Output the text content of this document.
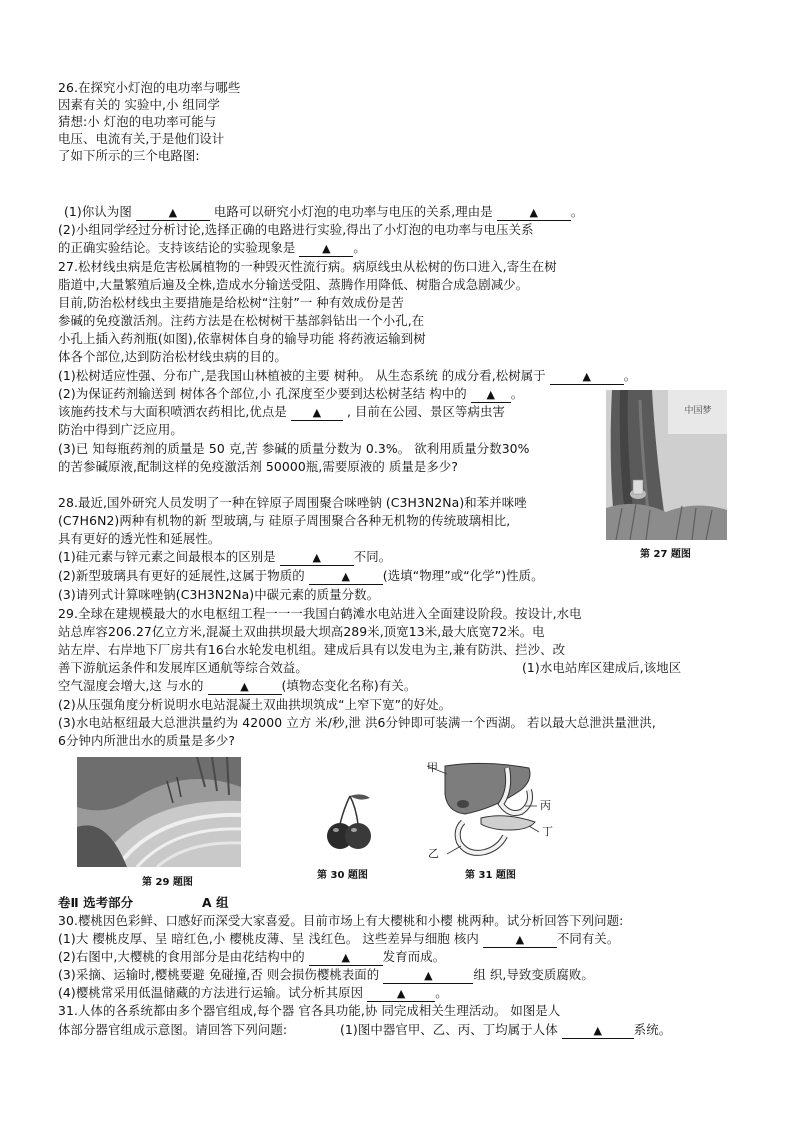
26.在探究小灯泡的电功率与哪些
因素有关的 实验中,小 组同学
猜想:小 灯泡的电功率可能与
电压、电流有关,于是他们设计
了如下所示的三个电路图:
(1)你认为图	▲	电路可以研究小灯泡的电功率与电压的关系,理由是	▲	。
(2)小组同学经过分析讨论,选择正确的电路进行实验,得出了小灯泡的电功率与电压关系
的正确实验结论。支持该结论的实验现象是 ▲ 。
27.松材线虫病是危害松属植物的一种毁灭性流行病。病原线虫从松树的伤口进入,寄生在树
脂道中,大量繁殖后遍及全株,造成水分输送受阻、蒸腾作用降低、树脂合成急剧减少。
目前,防治松材线虫主要措施是给松树“注射”一 种有效成份是苦
参碱的免疫激活剂。注药方法是在松树树干基部斜钻出一个小孔,在
小孔上插入药剂瓶(如图),依靠树体自身的输导功能 将药液运输到树
体各个部位,达到防治松材线虫病的目的。
(1)松树适应性强、分布广,是我国山林植被的主要 树种。 从生态系统 的成分看,松树属于	▲	。
(2)为保证药剂输送到 树体各个部位,小 孔深度至少要到达松树茎结 构中的 ▲ 。
该施药技术与大面积喷洒农药相比,优点是 ▲ , 目前在公园、景区等病虫害
防治中得到广泛应用。
(3)已 知每瓶药剂的质量是 50 克,苦 参碱的质量分数为 0.3%。 欲利用质量分数30%
的苦参碱原液,配制这样的免疫激活剂 50000瓶,需要原液的 质量是多少?
中国梦
第 27 题图
28.最近,国外研究人员发明了一种在锌原子周围聚合咪唑钠 (C3H3N2Na)和苯并咪唑
(C7H6N2)两种有机物的新 型玻璃,与 硅原子周围聚合各种无机物的传统玻璃相比,
具有更好的透光性和延展性。
(1)硅元素与锌元素之间最根本的区别是	▲	不同。
(2)新型玻璃具有更好的延展性,这属于物质的	▲	(选填“物理”或“化学”)性质。
(3)请列式计算咪唑钠(C3H3N2Na)中碳元素的质量分数。
29.全球在建规模最大的水电枢纽工程一一一我国白鹤滩水电站进入全面建设阶段。按设计,水电
站总库容206.27亿立方米,混凝土双曲拱坝最大坝高289米,顶宽13米,最大底宽72米。电
站左岸、右岸地下厂房共有16台水轮发电机组。建成后具有以发电为主,兼有防洪、拦沙、改
善下游航运条件和发展库区通航等综合效益。	(1)水电站库区建成后,该地区
空气湿度会增大,这 与水的	▲	(填物态变化名称)有关。
(2)从压强角度分析说明水电站混凝土双曲拱坝筑成“上窄下宽”的好处。
(3)水电站枢纽最大总泄洪量约为 42000 立方 米/秒,泄 洪6分钟即可装满一个西湖。 若以最大总泄洪量泄洪,
6分钟内所泄出水的质量是多少?
第 29 题图
第 30 题图
甲
丙
丁
乙
第 31 题图
卷Ⅱ 选考部分	A 组
30.樱桃因色彩鲜、口感好而深受大家喜爱。目前市场上有大樱桃和小樱 桃两种。试分析回答下列问题:
(1)大 樱桃皮厚、呈 暗红色,小 樱桃皮薄、呈 浅红色。 这些差异与细胞 核内	▲	不同有关。
(2)右图中,大樱桃的食用部分是由花结构中的	▲	发育而成。
(3)采摘、运输时,樱桃要避 免碰撞,否 则会损伤樱桃表面的	▲	组 织,导致变质腐败。
(4)樱桃常采用低温储藏的方法进行运输。试分析其原因	▲ 。
31.人体的各系统都由多个器官组成,每个器 官各具功能,协 同完成相关生理活动。 如图是人
体部分器官组成示意图。请回答下列问题:	(1)图中器官甲、乙、丙、丁均属于人体	▲	系统。
